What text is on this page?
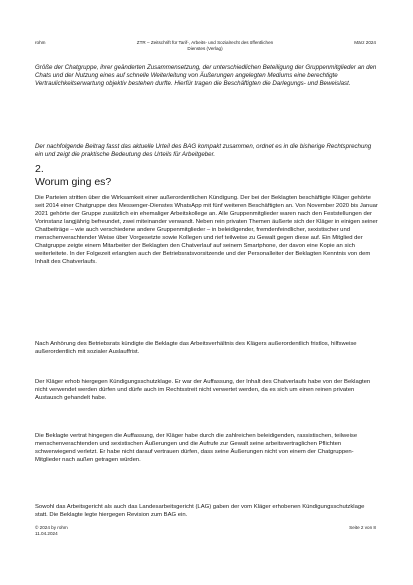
rohm	ZTR – Zeitschrift für Tarif-, Arbeits- und Sozialrecht des öffentlichen
Dienstes (Verlag)
März 2024

Größe der Chatgruppe, ihrer geänderten Zusammensetzung, der unterschiedlichen Beteiligung der Gruppenmitglieder an den Chats und der Nutzung eines auf schnelle Weiterleitung von Äußerungen angelegten Mediums eine berechtigte Vertraulichkeitserwartung objektiv bestehen durfte. Hierfür tragen die Beschäftigten die Darlegungs- und Beweislast.

Der nachfolgende Beitrag fasst das aktuelle Urteil des BAG kompakt zusammen, ordnet es in die bisherige Rechtsprechung ein und zeigt die praktische Bedeutung des Urteils für Arbeitgeber.

2.
Worum ging es?

Die Parteien stritten über die Wirksamkeit einer außerordentlichen Kündigung. Der bei der Beklagten beschäftigte Kläger gehörte seit 2014 einer Chatgruppe des Messenger-Dienstes WhatsApp mit fünf weiteren Beschäftigten an. Von November 2020 bis Januar 2021 gehörte der Gruppe zusätzlich ein ehemaliger Arbeitskollege an. Alle Gruppenmitglieder waren nach den Feststellungen der Vorinstanz langjährig befreundet, zwei miteinander verwandt. Neben rein privaten Themen äußerte sich der Kläger in einigen seiner Chatbeiträge – wie auch verschiedene andere Gruppenmitglieder – in beleidigender, fremdenfeindlicher, sexistischer und menschenverachtender Weise über Vorgesetzte sowie Kollegen und rief teilweise zu Gewalt gegen diese auf. Ein Mitglied der Chatgruppe zeigte einem Mitarbeiter der Beklagten den Chatverlauf auf seinem Smartphone, der davon eine Kopie an sich weiterleitete. In der Folgezeit erlangten auch der Betriebsratsvorsitzende und der Personalleiter der Beklagten Kenntnis von dem Inhalt des Chatverlaufs.

Nach Anhörung des Betriebsrats kündigte die Beklagte das Arbeitsverhältnis des Klägers außerordentlich fristlos, hilfsweise außerordentlich mit sozialer Auslauffrist.

Der Kläger erhob hiergegen Kündigungsschutzklage. Er war der Auffassung, der Inhalt des Chatverlaufs habe von der Beklagten nicht verwendet werden dürfen und dürfe auch im Rechtsstreit nicht verwertet werden, da es sich um einen reinen privaten Austausch gehandelt habe.

Die Beklagte vertrat hingegen die Auffassung, der Kläger habe durch die zahlreichen beleidigenden, rassistischen, teilweise menschenverachtenden und sexistischen Äußerungen und die Aufrufe zur Gewalt seine arbeitsvertraglichen Pflichten schwerwiegend verletzt. Er habe nicht darauf vertrauen dürfen, dass seine Äußerungen nicht von einem der Chatgruppen-Mitglieder nach außen getragen würden.

Sowohl das Arbeitsgericht als auch das Landesarbeitsgericht (LAG) gaben der vom Kläger erhobenen Kündigungsschutzklage statt. Die Beklagte legte hiergegen Revision zum BAG ein.

© 2024 by rohm
11.04.2024
Seite 2 von 8
